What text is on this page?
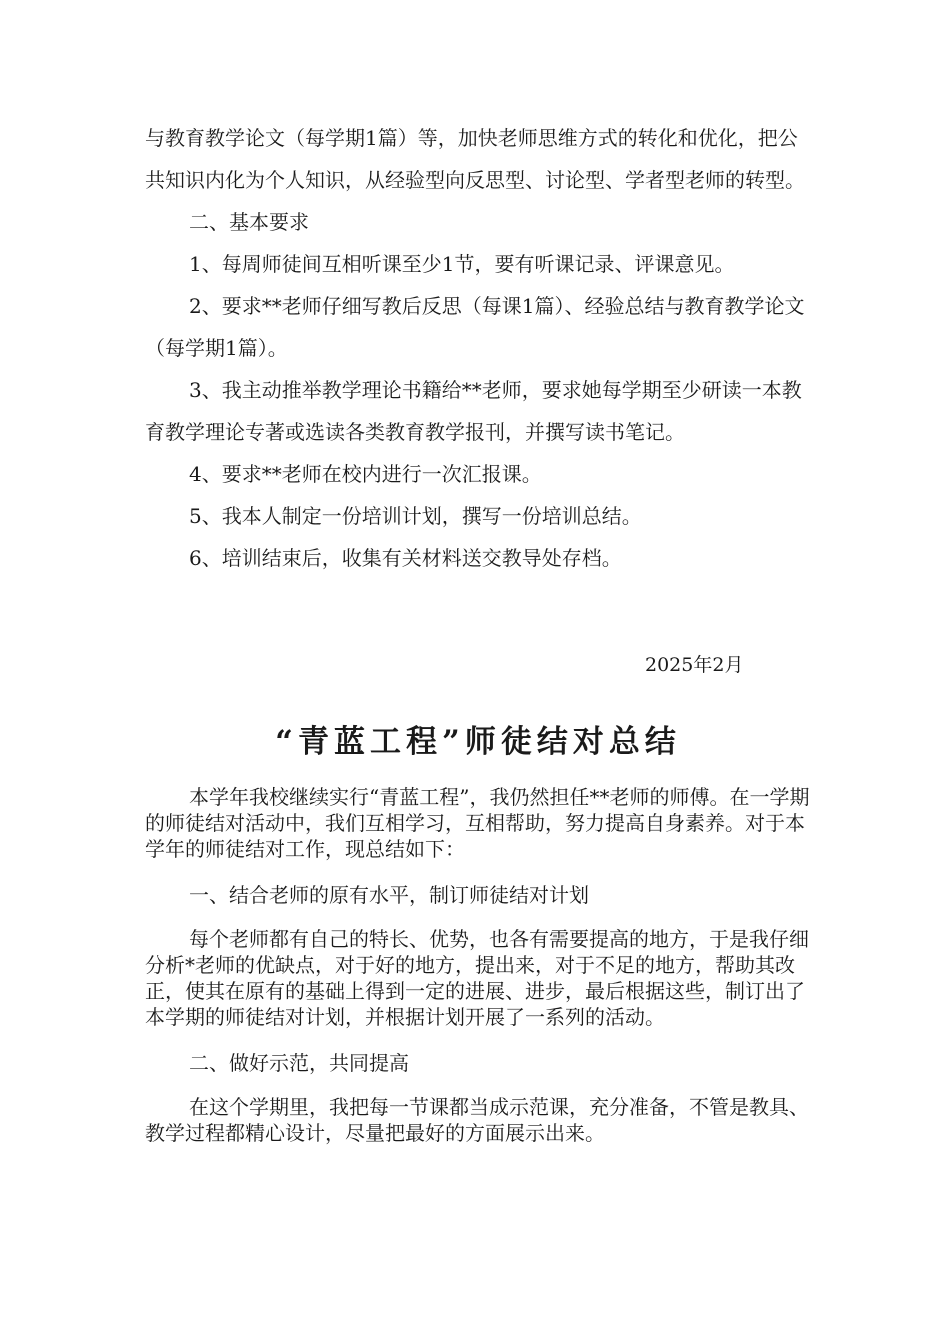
与教育教学论文（每学期1篇）等，加快老师思维方式的转化和优化，把公共知识内化为个人知识，从经验型向反思型、讨论型、学者型老师的转型。

二、基本要求

1、每周师徒间互相听课至少1节，要有听课记录、评课意见。

2、要求**老师仔细写教后反思（每课1篇）、经验总结与教育教学论文（每学期1篇）。

3、我主动推举教学理论书籍给**老师，要求她每学期至少研读一本教育教学理论专著或选读各类教育教学报刊，并撰写读书笔记。

4、要求**老师在校内进行一次汇报课。

5、我本人制定一份培训计划，撰写一份培训总结。

6、培训结束后，收集有关材料送交教导处存档。

2025年2月

“青蓝工程”师徒结对总结

本学年我校继续实行“青蓝工程”，我仍然担任**老师的师傅。在一学期的师徒结对活动中，我们互相学习，互相帮助，努力提高自身素养。对于本学年的师徒结对工作，现总结如下：

一、结合老师的原有水平，制订师徒结对计划

每个老师都有自己的特长、优势，也各有需要提高的地方，于是我仔细分析*老师的优缺点，对于好的地方，提出来，对于不足的地方，帮助其改正，使其在原有的基础上得到一定的进展、进步，最后根据这些，制订出了本学期的师徒结对计划，并根据计划开展了一系列的活动。

二、做好示范，共同提高

在这个学期里，我把每一节课都当成示范课，充分准备，不管是教具、教学过程都精心设计，尽量把最好的方面展示出来。
